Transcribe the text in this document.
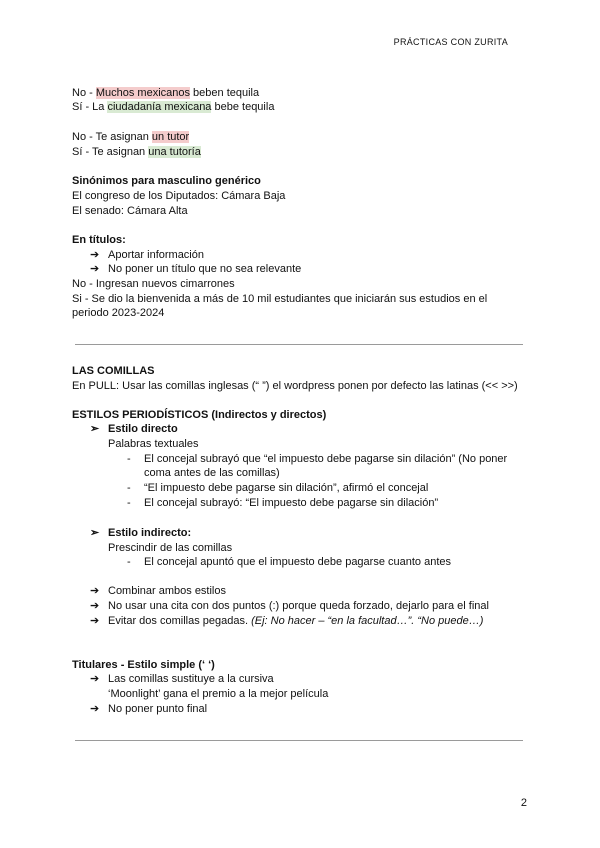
PRÁCTICAS CON ZURITA
No - Muchos mexicanos beben tequila
Sí - La ciudadanía mexicana bebe tequila
No - Te asignan un tutor
Sí - Te asignan una tutoría
Sinónimos para masculino genérico
El congreso de los Diputados: Cámara Baja
El senado: Cámara Alta
En títulos:
➔ Aportar información
➔ No poner un título que no sea relevante
No - Ingresan nuevos cimarrones
Si - Se dio la bienvenida a más de 10 mil estudiantes que iniciarán sus estudios en el
periodo 2023-2024
LAS COMILLAS
En PULL: Usar las comillas inglesas (“ ”) el wordpress ponen por defecto las latinas (<< >>)
ESTILOS PERIODÍSTICOS (Indirectos y directos)
➢ Estilo directo
Palabras textuales
- El concejal subrayó que “el impuesto debe pagarse sin dilación” (No poner
coma antes de las comillas)
- “El impuesto debe pagarse sin dilación”, afirmó el concejal
- El concejal subrayó: “El impuesto debe pagarse sin dilación”
➢ Estilo indirecto:
Prescindir de las comillas
- El concejal apuntó que el impuesto debe pagarse cuanto antes
➔ Combinar ambos estilos
➔ No usar una cita con dos puntos (:) porque queda forzado, dejarlo para el final
➔ Evitar dos comillas pegadas. (Ej: No hacer – “en la facultad…”. “No puede…)
Titulares - Estilo simple (‘ ‘)
➔ Las comillas sustituye a la cursiva
‘Moonlight’ gana el premio a la mejor película
➔ No poner punto final
2
